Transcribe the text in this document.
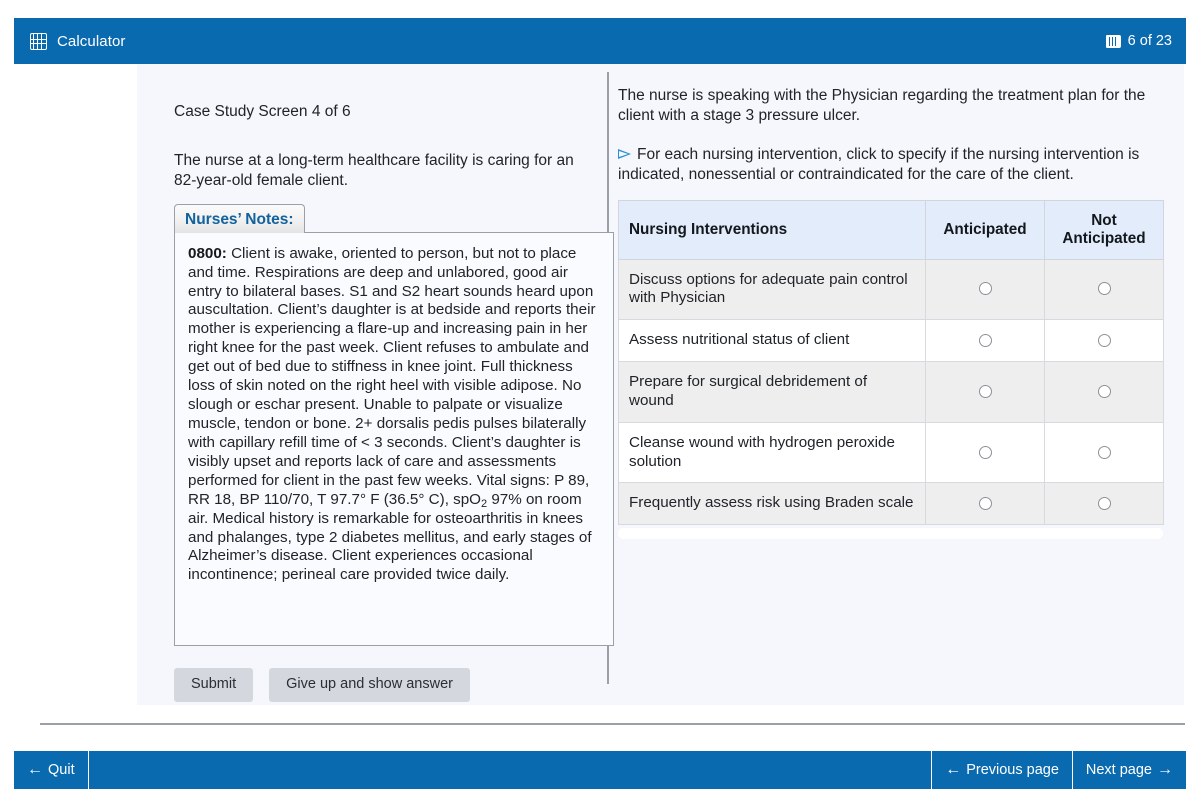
Calculator	6 of 23
Case Study Screen 4 of 6
The nurse at a long-term healthcare facility is caring for an 82-year-old female client.
Nurses’ Notes:

0800: Client is awake, oriented to person, but not to place and time. Respirations are deep and unlabored, good air entry to bilateral bases. S1 and S2 heart sounds heard upon auscultation. Client’s daughter is at bedside and reports their mother is experiencing a flare-up and increasing pain in her right knee for the past week. Client refuses to ambulate and get out of bed due to stiffness in knee joint. Full thickness loss of skin noted on the right heel with visible adipose. No slough or eschar present. Unable to palpate or visualize muscle, tendon or bone. 2+ dorsalis pedis pulses bilaterally with capillary refill time of < 3 seconds. Client’s daughter is visibly upset and reports lack of care and assessments performed for client in the past few weeks. Vital signs: P 89, RR 18, BP 110/70, T 97.7° F (36.5° C), spO$_2$ 97% on room air. Medical history is remarkable for osteoarthritis in knees and phalanges, type 2 diabetes mellitus, and early stages of Alzheimer’s disease. Client experiences occasional incontinence; perineal care provided twice daily.

Submit	Give up and show answer
The nurse is speaking with the Physician regarding the treatment plan for the client with a stage 3 pressure ulcer.
For each nursing intervention, click to specify if the nursing intervention is indicated, nonessential or contraindicated for the care of the client.
Nursing Interventions	Anticipated	Not Anticipated
Discuss options for adequate pain control with Physician		
Assess nutritional status of client		
Prepare for surgical debridement of wound		
Cleanse wound with hydrogen peroxide solution		
Frequently assess risk using Braden scale		
←
Quit ←	Previous page Next page
→
